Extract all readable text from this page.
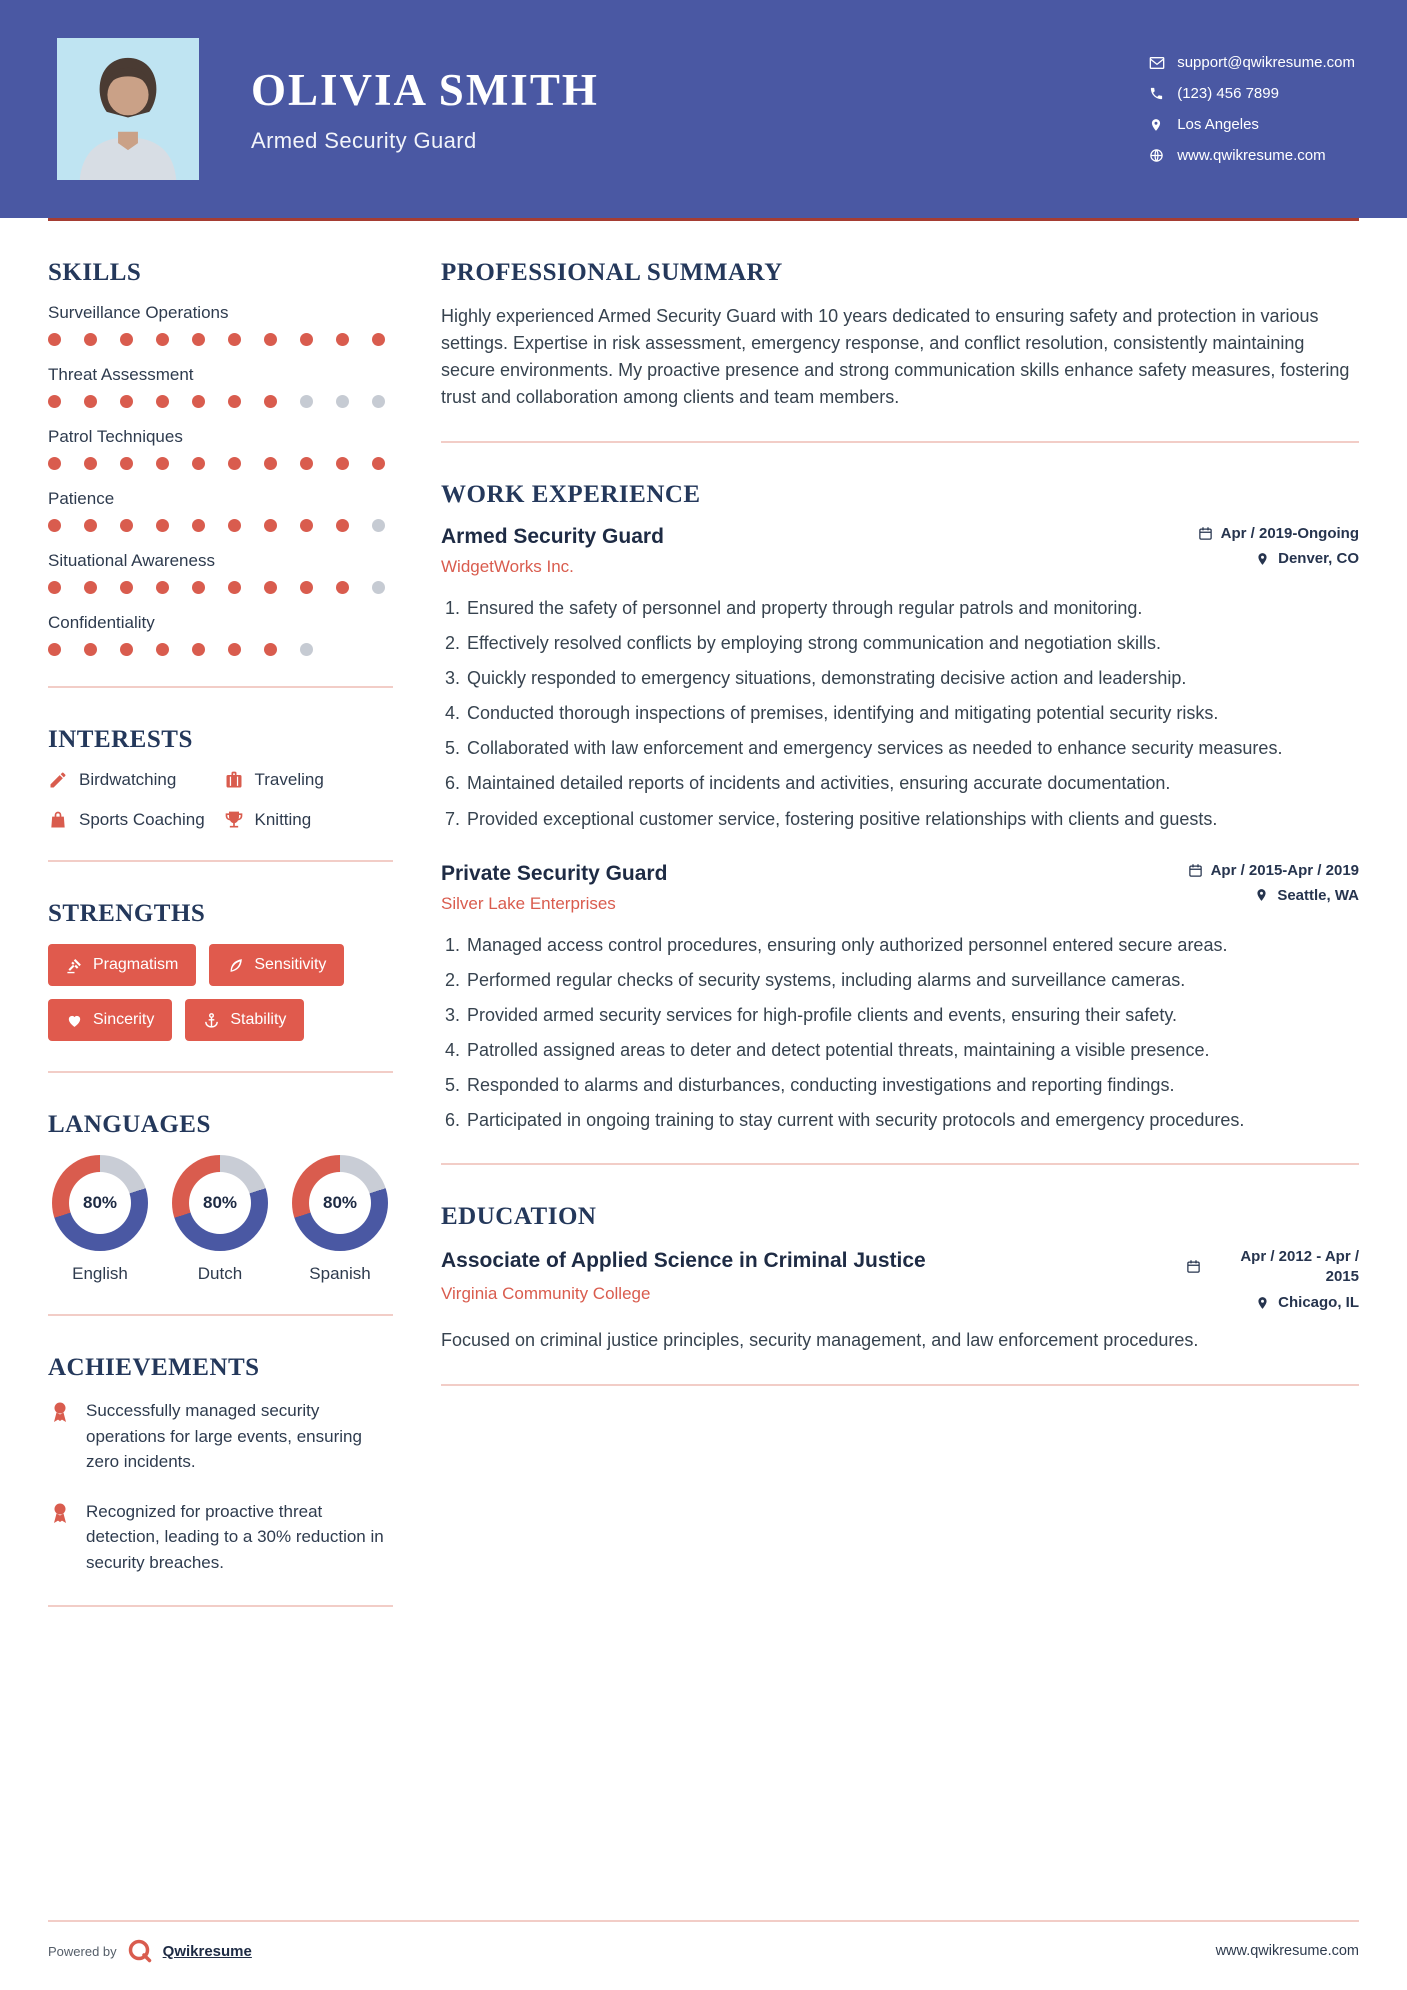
OLIVIA SMITH
Armed Security Guard
support@qwikresume.com
(123) 456 7899
Los Angeles
www.qwikresume.com
SKILLS
Surveillance Operations
Threat Assessment
Patrol Techniques
Patience
Situational Awareness
Confidentiality
INTERESTS
Birdwatching	Traveling
Sports Coaching	Knitting
STRENGTHS
Pragmatism	Sensitivity
Sincerity	Stability
LANGUAGES
80%
English
80%
Dutch
80%
Spanish
ACHIEVEMENTS
Successfully managed security operations for large events, ensuring zero incidents.
Recognized for proactive threat detection, leading to a 30% reduction in security breaches.
PROFESSIONAL SUMMARY
Highly experienced Armed Security Guard with 10 years dedicated to ensuring safety and protection in various settings. Expertise in risk assessment, emergency response, and conflict resolution, consistently maintaining secure environments. My proactive presence and strong communication skills enhance safety measures, fostering trust and collaboration among clients and team members.
WORK EXPERIENCE
Armed Security Guard
WidgetWorks Inc.
Apr / 2019-Ongoing
Denver, CO
1. Ensured the safety of personnel and property through regular patrols and monitoring.
2. Effectively resolved conflicts by employing strong communication and negotiation skills.
3. Quickly responded to emergency situations, demonstrating decisive action and leadership.
4. Conducted thorough inspections of premises, identifying and mitigating potential security risks.
5. Collaborated with law enforcement and emergency services as needed to enhance security measures.
6. Maintained detailed reports of incidents and activities, ensuring accurate documentation.
7. Provided exceptional customer service, fostering positive relationships with clients and guests.
Private Security Guard
Silver Lake Enterprises
Apr / 2015-Apr / 2019
Seattle, WA
1. Managed access control procedures, ensuring only authorized personnel entered secure areas.
2. Performed regular checks of security systems, including alarms and surveillance cameras.
3. Provided armed security services for high-profile clients and events, ensuring their safety.
4. Patrolled assigned areas to deter and detect potential threats, maintaining a visible presence.
5. Responded to alarms and disturbances, conducting investigations and reporting findings.
6. Participated in ongoing training to stay current with security protocols and emergency procedures.
EDUCATION
Associate of Applied Science in Criminal Justice
Virginia Community College
Apr / 2012 - Apr / 2015
Chicago, IL
Focused on criminal justice principles, security management, and law enforcement procedures.
Powered by	Qwikresume	www.qwikresume.com
